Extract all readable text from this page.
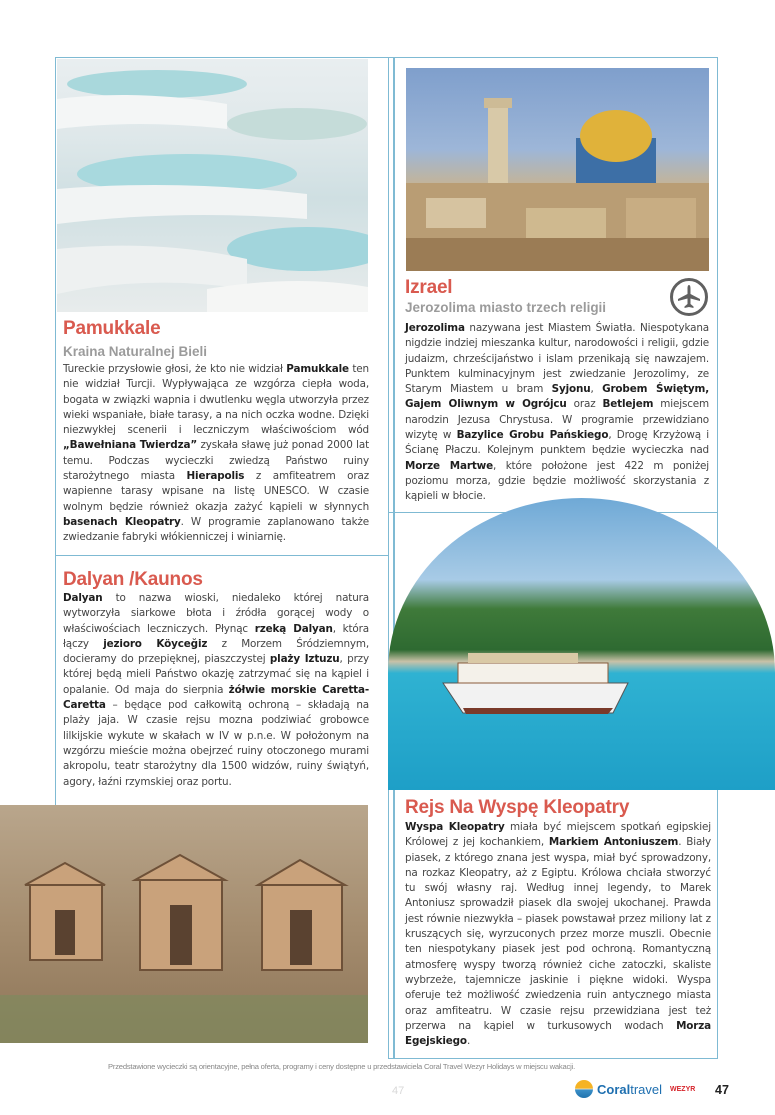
Pamukkale
Kraina Naturalnej Bieli
Tureckie przysłowie głosi, że kto nie widział Pamukkale ten nie widział Turcji. Wypływająca ze wzgórza ciepła woda, bogata w związki wapnia i dwutlenku węgla utworzyła przez wieki wspaniałe, białe tarasy, a na nich oczka wodne. Dzięki niezwykłej scenerii i leczniczym właściwościom wód „Bawełniana Twierdza” zyskała sławę już ponad 2000 lat temu. Podczas wycieczki zwiedzą Państwo ruiny starożytnego miasta Hierapolis z amfiteatrem oraz wapienne tarasy wpisane na listę UNESCO. W czasie wolnym będzie również okazja zażyć kąpieli w słynnych basenach Kleopatry. W programie zaplanowano także zwiedzanie fabryki włókienniczej i winiarnię.
Izrael
Jerozolima miasto trzech religii
Jerozolima nazywana jest Miastem Światła. Niespotykana nigdzie indziej mieszanka kultur, narodowości i religii, gdzie judaizm, chrześcijaństwo i islam przenikają się nawzajem. Punktem kulminacyjnym jest zwiedzanie Jerozolimy, ze Starym Miastem u bram Syjonu, Grobem Świętym, Gajem Oliwnym w Ogrójcu oraz Betlejem miejscem narodzin Jezusa Chrystusa. W programie przewidziano wizytę w Bazylice Grobu Pańskiego, Drogę Krzyżową i Ścianę Płaczu. Kolejnym punktem będzie wycieczka nad Morze Martwe, które położone jest 422 m poniżej poziomu morza, gdzie będzie możliwość skorzystania z kąpieli w błocie.
Dalyan /Kaunos
Dalyan to nazwa wioski, niedaleko której natura wytworzyła siarkowe błota i źródła gorącej wody o właściwościach leczniczych. Płynąc rzeką Dalyan, która łączy jezioro Köyceğiz z Morzem Śródziemnym, docieramy do przepięknej, piaszczystej plaży Iztuzu, przy której będą mieli Państwo okazję zatrzymać się na kąpiel i opalanie. Od maja do sierpnia żółwie morskie Caretta-Caretta – będące pod całkowitą ochroną – składają na plaży jaja. W czasie rejsu mozna podziwiać grobowce lilkijskie wykute w skałach w IV w p.n.e. W położonym na wzgórzu mieście można obejrzeć ruiny otoczonego murami akropolu, teatr starożytny dla 1500 widzów, ruiny świątyń, agory, łaźni rzymskiej oraz portu.
Rejs Na Wyspę Kleopatry
Wyspa Kleopatry miała być miejscem spotkań egipskiej Królowej z jej kochankiem, Markiem Antoniuszem. Biały piasek, z którego znana jest wyspa, miał być sprowadzony, na rozkaz Kleopatry, aż z Egiptu. Królowa chciała stworzyć tu swój własny raj. Według innej legendy, to Marek Antoniusz sprowadził piasek dla swojej ukochanej. Prawda jest równie niezwykła – piasek powstawał przez miliony lat z kruszących się, wyrzuconych przez morze muszli. Obecnie ten niespotykany piasek jest pod ochroną. Romantyczną atmosferę wyspy tworzą również ciche zatoczki, skaliste wybrzeże, tajemnicze jaskinie i piękne widoki. Wyspa oferuje też możliwość zwiedzenia ruin antycznego miasta oraz amfiteatru. W czasie rejsu przewidziana jest też przerwa na kąpiel w turkusowych wodach Morza Egejskiego.
Przedstawione wycieczki są orientacyjne, pełna oferta, programy i ceny dostępne u przedstawiciela Coral Travel Wezyr Holidays w miejscu wakacji.
47	Coraltravel WEZYR 47
